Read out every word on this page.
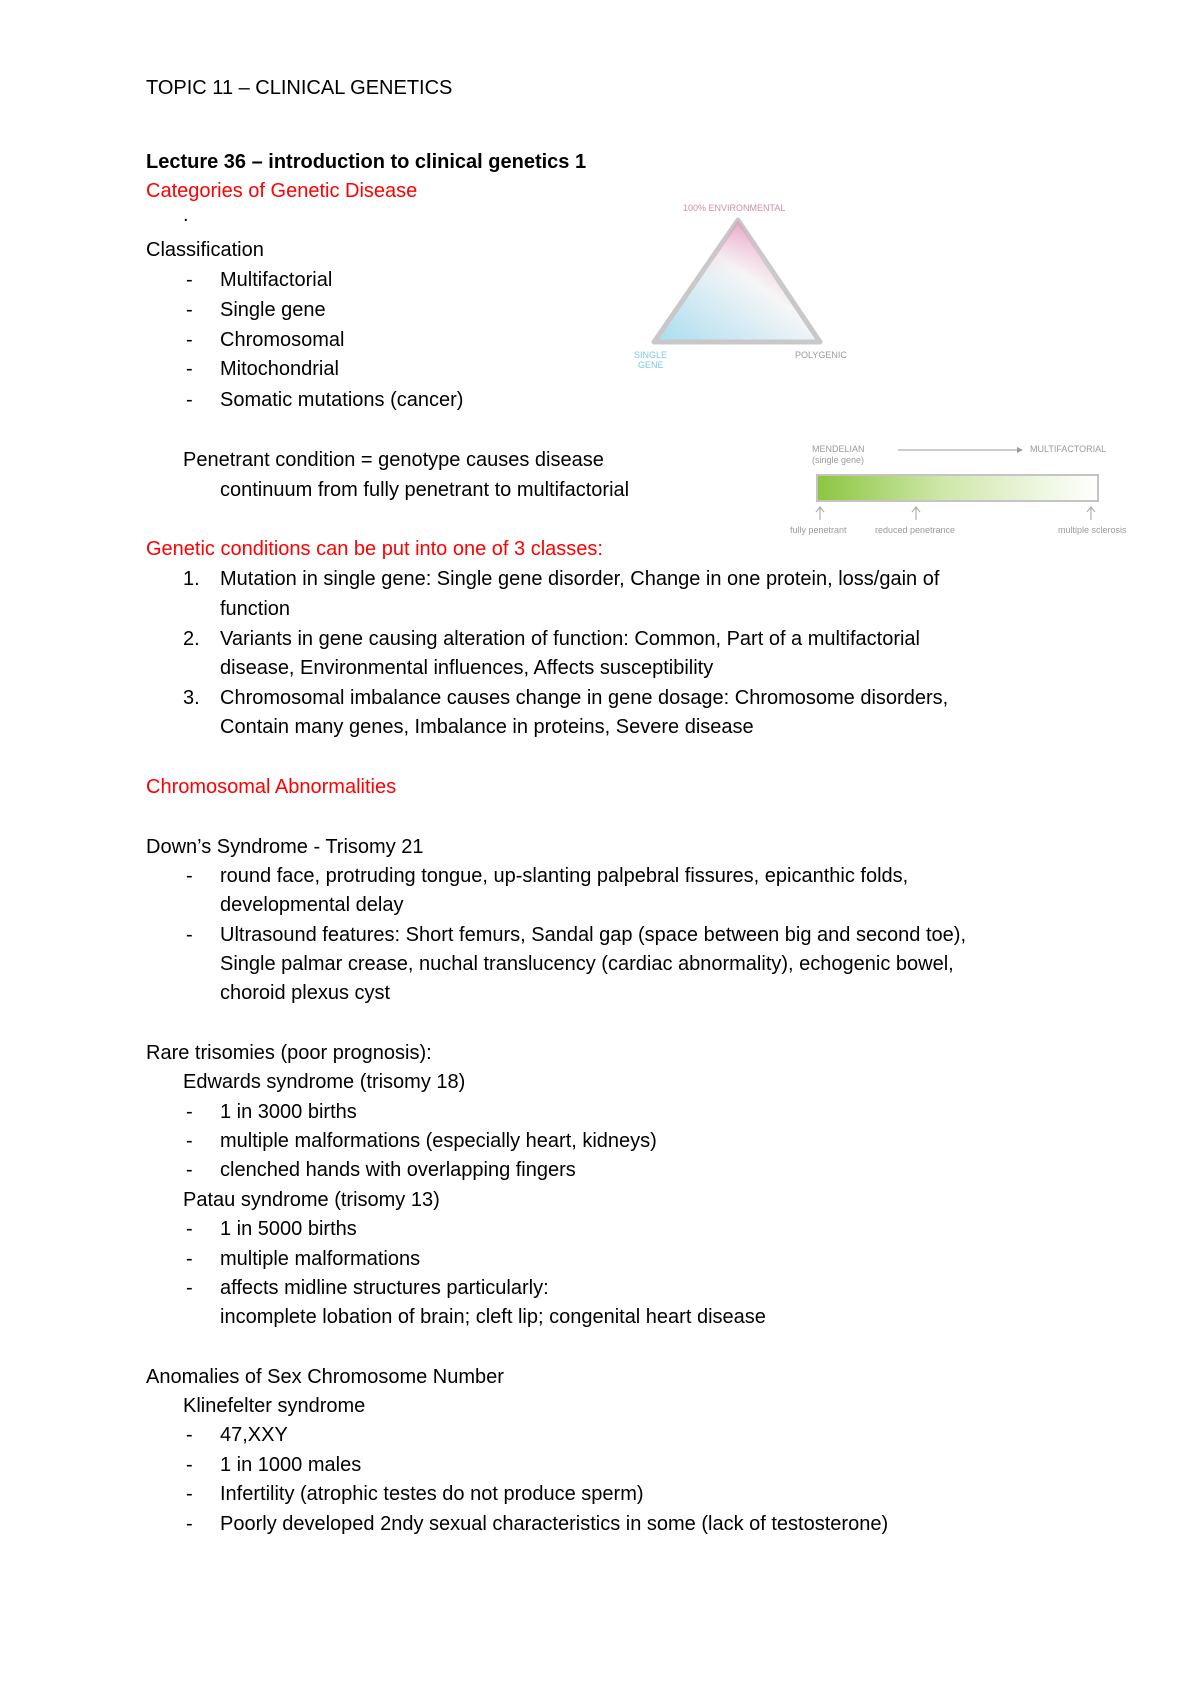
TOPIC 11 – CLINICAL GENETICS
Lecture 36 – introduction to clinical genetics 1
Categories of Genetic Disease
.
Classification
- Multifactorial
- Single gene
- Chromosomal
- Mitochondrial
- Somatic mutations (cancer)
100% ENVIRONMENTAL
SINGLE
GENE
POLYGENIC
Penetrant condition = genotype causes disease
continuum from fully penetrant to multifactorial
MENDELIAN
(single gene)
MULTIFACTORIAL
fully penetrant	reduced penetrance	multiple sclerosis
Genetic conditions can be put into one of 3 classes:
1. Mutation in single gene: Single gene disorder, Change in one protein, loss/gain of
function
2. Variants in gene causing alteration of function: Common, Part of a multifactorial
disease, Environmental influences, Affects susceptibility
3. Chromosomal imbalance causes change in gene dosage: Chromosome disorders,
Contain many genes, Imbalance in proteins, Severe disease
Chromosomal Abnormalities
Down’s Syndrome - Trisomy 21
- round face, protruding tongue, up-slanting palpebral fissures, epicanthic folds,
developmental delay
- Ultrasound features: Short femurs, Sandal gap (space between big and second toe),
Single palmar crease, nuchal translucency (cardiac abnormality), echogenic bowel,
choroid plexus cyst
Rare trisomies (poor prognosis):
Edwards syndrome (trisomy 18)
- 1 in 3000 births
- multiple malformations (especially heart, kidneys)
- clenched hands with overlapping fingers
Patau syndrome (trisomy 13)
- 1 in 5000 births
- multiple malformations
- affects midline structures particularly:
incomplete lobation of brain; cleft lip; congenital heart disease
Anomalies of Sex Chromosome Number
Klinefelter syndrome
- 47,XXY
- 1 in 1000 males
- Infertility (atrophic testes do not produce sperm)
- Poorly developed 2ndy sexual characteristics in some (lack of testosterone)
